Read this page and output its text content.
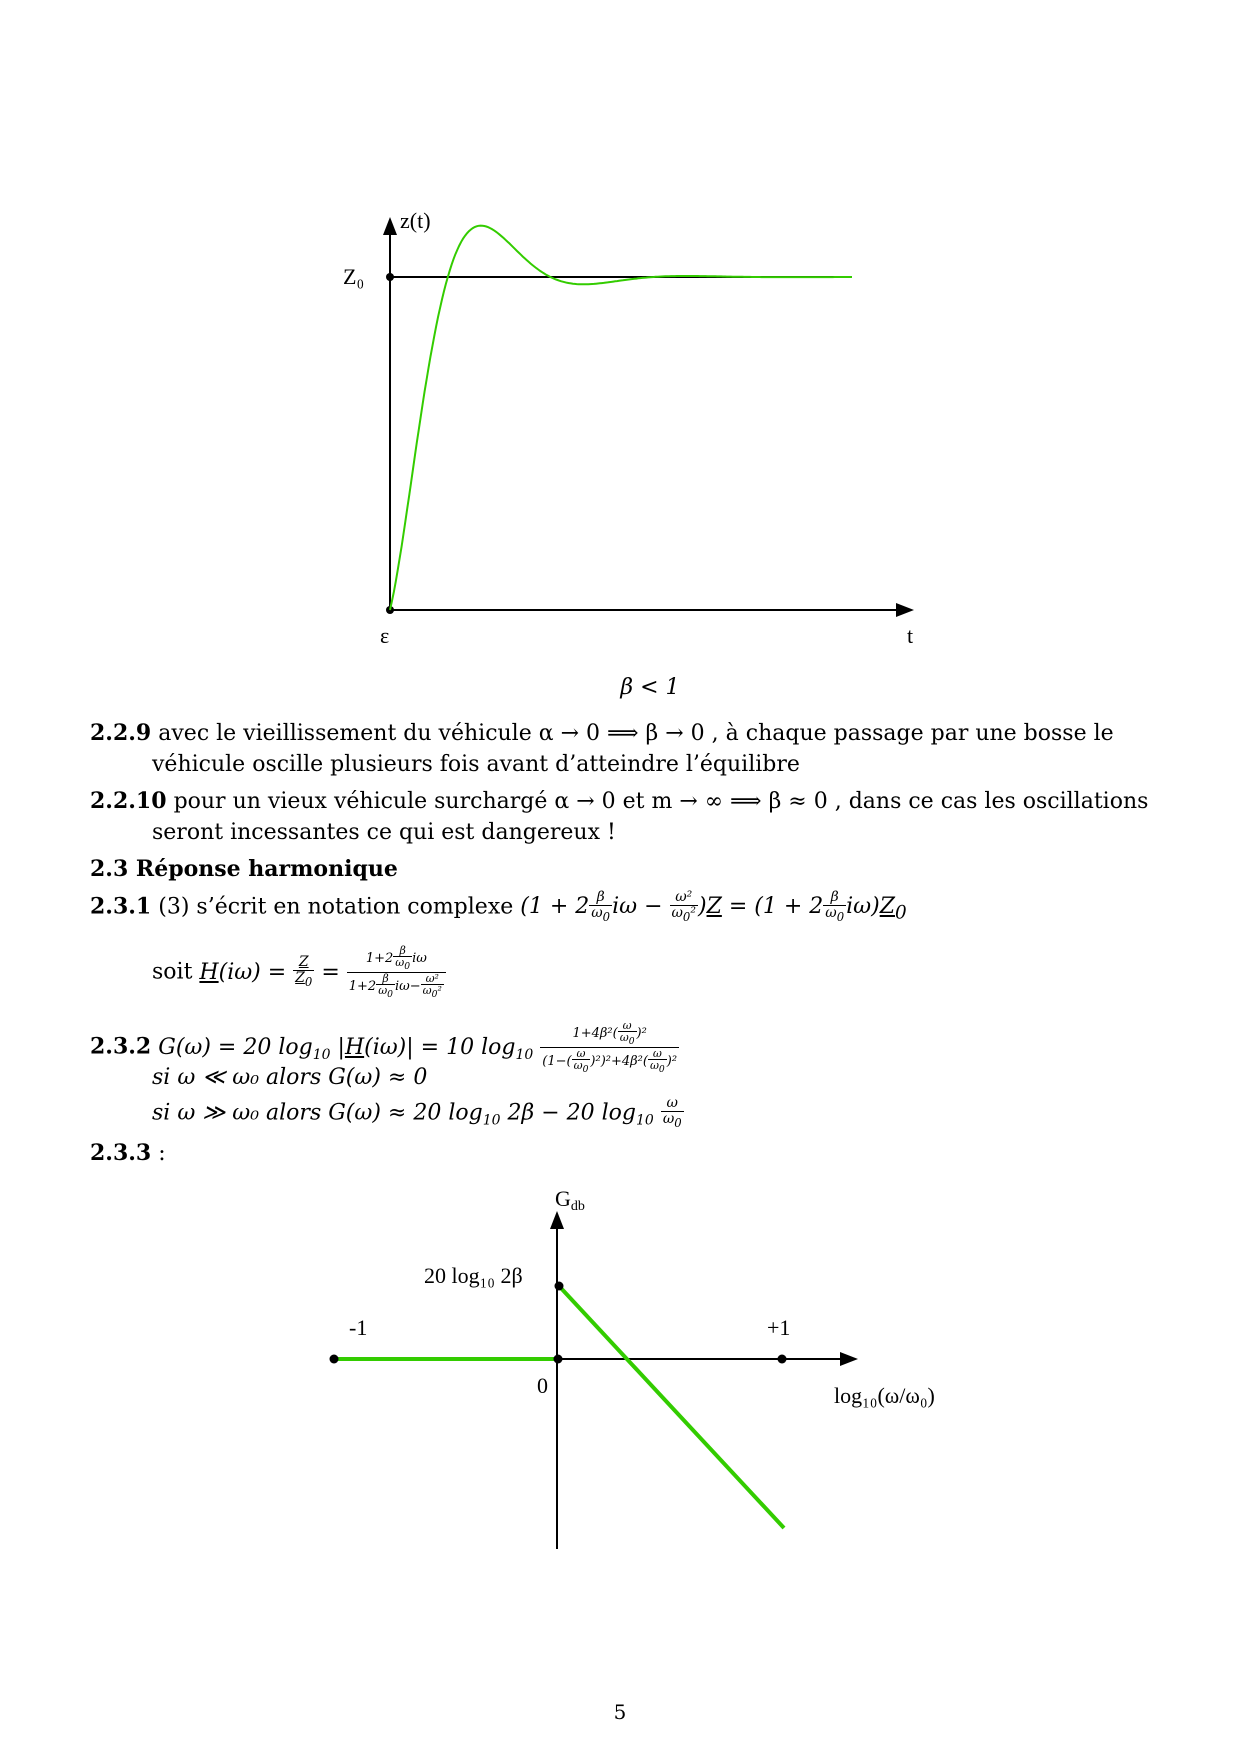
z(t)
Z₀
ε	t
β < 1
2.2.9 avec le vieillissement du véhicule α → 0 ⟹ β → 0 , à chaque passage par une bosse le
véhicule oscille plusieurs fois avant d’atteindre l’équilibre
2.2.10 pour un vieux véhicule surchargé α → 0 et m → ∞ ⟹ β ≈ 0 , dans ce cas les oscillations
seront incessantes ce qui est dangereux !
2.3 Réponse harmonique
2.3.1 (3) s’écrit en notation complexe ($1 + 2 \frac{\beta}{\omega_0}$ $i\omega - \frac{\text{ω²}}{\omega_0^2} )Z = (1 + 2 \frac{\beta}{\omega_0} i\omega)Z_0$
soit $H(i\omega) = \frac{Z}{Z_0} = \frac{1+2 \frac{\beta}{\omega_0} i\omega}{1+2 \frac{\beta}{\omega_0} i\omega- \frac{\text{ω²}}{\omega_0^2}}$
2.3.2 G(ω) = 20 $\log_{10} |H(i\omega)| = 10$ $\log_{10} \frac{1+4\beta^2( \frac{\omega}{\omega_0} )^2}{(1-( \frac{\omega}{\omega_0} )^2)^2+4\beta^2( \frac{\omega}{\omega_0} )^2}$
si ω ≪ ω₀ alors G(ω) ≈ 0
si ω ≫ ω₀ alors G(ω) ≈ 20 $\log_{10} 2\beta - 20$ $\log_{10} \frac{\omega}{\omega_0}$
2.3.3 :
Gdb
20 log₁₀ 2β
-1	+1
0	log₁₀(ω/ω₀)
5
